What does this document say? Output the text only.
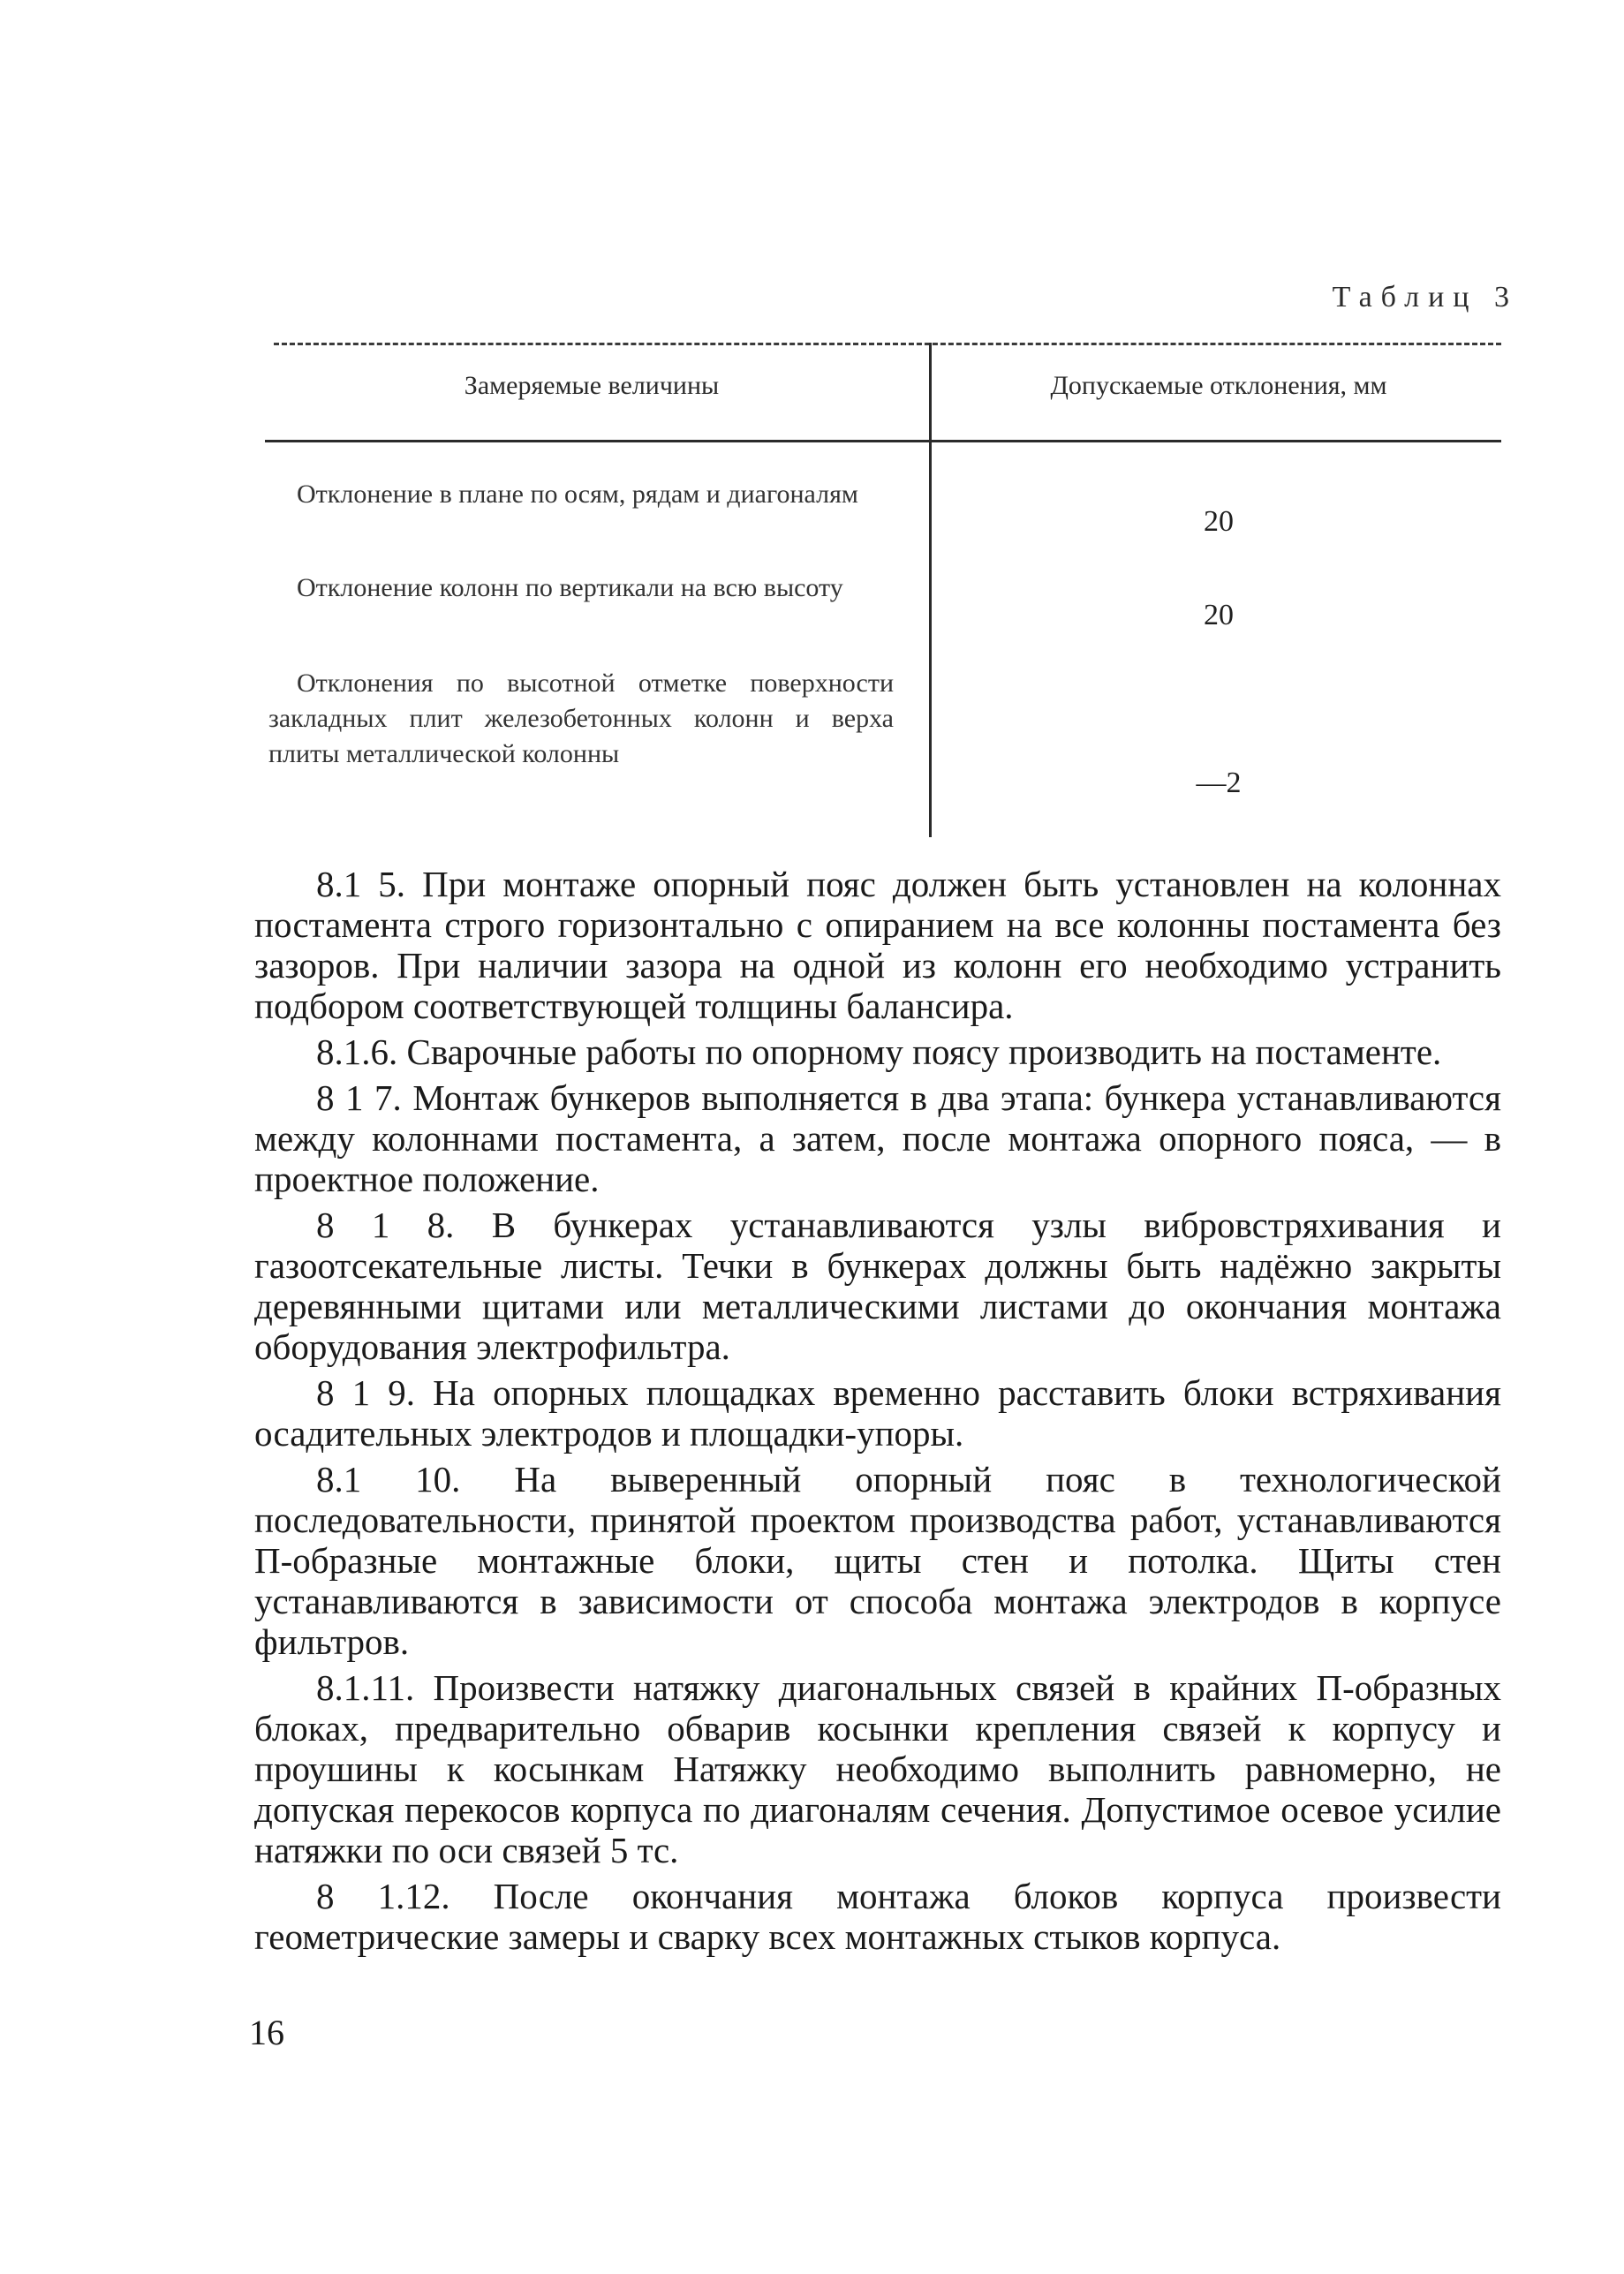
Таблиц 3
Замеряемые величины	Допускаемые отклонения, мм
Отклонение в плане по осям, рядам и диагоналям
20
Отклонение колонн по вертикали на всю высоту
20
Отклонения по высотной отметке поверхности закладных плит железобетонных колонн и верха плиты металлической колонны
—2

8.1 5. При монтаже опорный пояс должен быть установлен на колоннах постамента строго горизонтально с опиранием на все колонны постамента без зазоров. При наличии зазора на одной из колонн его необходимо устранить подбором соответствующей толщины балансира.

8.1.6. Сварочные работы по опорному поясу производить на постаменте.

8 1 7. Монтаж бункеров выполняется в два этапа: бункера устанавливаются между колоннами постамента, а затем, после монтажа опорного пояса, — в проектное положение.

8 1 8. В бункерах устанавливаются узлы вибровстряхивания и газоотсекательные листы. Течки в бункерах должны быть надёжно закрыты деревянными щитами или металлическими листами до окончания монтажа оборудования электрофильтра.

8 1 9. На опорных площадках временно расставить блоки встряхивания осадительных электродов и площадки-упоры.

8.1 10. На выверенный опорный пояс в технологической последовательности, принятой проектом производства работ, устанавливаются П-образные монтажные блоки, щиты стен и потолка. Щиты стен устанавливаются в зависимости от способа монтажа электродов в корпусе фильтров.

8.1.11. Произвести натяжку диагональных связей в крайних П-образных блоках, предварительно обварив косынки крепления связей к корпусу и проушины к косынкам Натяжку необходимо выполнить равномерно, не допуская перекосов корпуса по диагоналям сечения. Допустимое осевое усилие натяжки по оси связей 5 тс.

8 1.12. После окончания монтажа блоков корпуса произвести геометрические замеры и сварку всех монтажных стыков корпуса.

16
